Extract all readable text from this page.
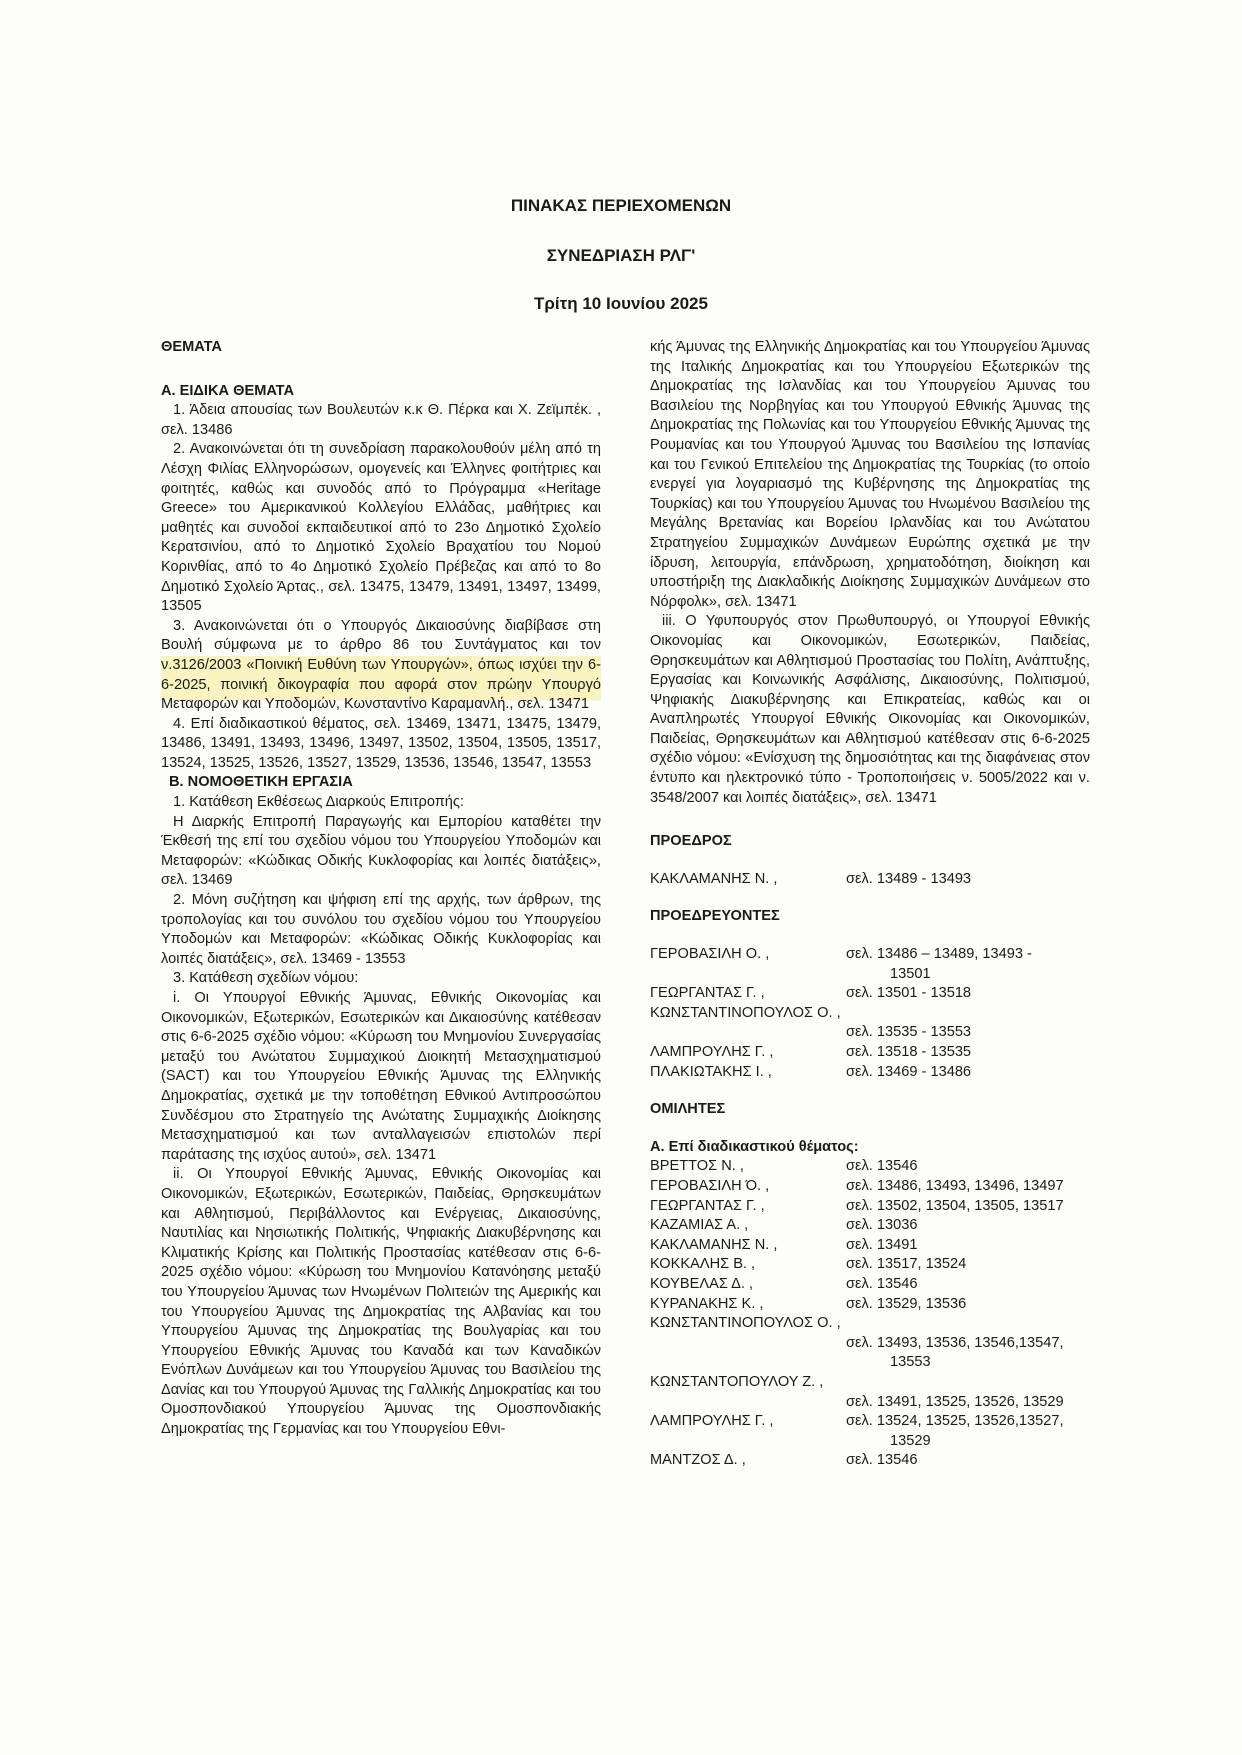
ΠΙΝΑΚΑΣ ΠΕΡΙΕΧΟΜΕΝΩΝ

ΣΥΝΕΔΡΙΑΣΗ ΡΛΓ'

Τρίτη 10 Ιουνίου 2025

ΘΕΜΑΤΑ

Α. ΕΙΔΙΚΑ ΘΕΜΑΤΑ

1. Άδεια απουσίας των Βουλευτών κ.κ Θ. Πέρκα και Χ. Ζεϊμπέκ. , σελ. 13486

2. Ανακοινώνεται ότι τη συνεδρίαση παρακολουθούν μέλη από τη Λέσχη Φιλίας Ελληνορώσων, ομογενείς και Έλληνες φοιτήτριες και φοιτητές, καθώς και συνοδός από το Πρόγραμμα «Heritage Greece» του Αμερικανικού Κολλεγίου Ελλάδας, μαθήτριες και μαθητές και συνοδοί εκπαιδευτικοί από το 23ο Δημοτικό Σχολείο Κερατσινίου, από το Δημοτικό Σχολείο Βραχατίου του Νομού Κορινθίας, από το 4ο Δημοτικό Σχολείο Πρέβεζας και από το 8ο Δημοτικό Σχολείο Άρτας., σελ. 13475, 13479, 13491, 13497, 13499, 13505

3. Ανακοινώνεται ότι ο Υπουργός Δικαιοσύνης διαβίβασε στη Βουλή σύμφωνα με το άρθρο 86 του Συντάγματος και τον ν.3126/2003 «Ποινική Ευθύνη των Υπουργών», όπως ισχύει την 6-6-2025, ποινική δικογραφία που αφορά στον πρώην Υπουργό Μεταφορών και Υποδομών, Κωνσταντίνο Καραμανλή., σελ. 13471

4. Επί διαδικαστικού θέματος, σελ. 13469, 13471, 13475, 13479, 13486, 13491, 13493, 13496, 13497, 13502, 13504, 13505, 13517, 13524, 13525, 13526, 13527, 13529, 13536, 13546, 13547, 13553

Β. ΝΟΜΟΘΕΤΙΚΗ ΕΡΓΑΣΙΑ

1. Κατάθεση Εκθέσεως Διαρκούς Επιτροπής:

Η Διαρκής Επιτροπή Παραγωγής και Εμπορίου καταθέτει την Έκθεσή της επί του σχεδίου νόμου του Υπουργείου Υποδομών και Μεταφορών: «Κώδικας Οδικής Κυκλοφορίας και λοιπές διατάξεις», σελ. 13469

2. Μόνη συζήτηση και ψήφιση επί της αρχής, των άρθρων, της τροπολογίας και του συνόλου του σχεδίου νόμου του Υπουργείου Υποδομών και Μεταφορών: «Κώδικας Οδικής Κυκλοφορίας και λοιπές διατάξεις», σελ. 13469 - 13553

3. Κατάθεση σχεδίων νόμου:

i. Οι Υπουργοί Εθνικής Άμυνας, Εθνικής Οικονομίας και Οικονομικών, Εξωτερικών, Εσωτερικών και Δικαιοσύνης κατέθεσαν στις 6-6-2025 σχέδιο νόμου: «Κύρωση του Μνημονίου Συνεργασίας μεταξύ του Ανώτατου Συμμαχικού Διοικητή Μετασχηματισμού (SACT) και του Υπουργείου Εθνικής Άμυνας της Ελληνικής Δημοκρατίας, σχετικά με την τοποθέτηση Εθνικού Αντιπροσώπου Συνδέσμου στο Στρατηγείο της Ανώτατης Συμμαχικής Διοίκησης Μετασχηματισμού και των ανταλλαγεισών επιστολών περί παράτασης της ισχύος αυτού», σελ. 13471

ii. Οι Υπουργοί Εθνικής Άμυνας, Εθνικής Οικονομίας και Οικονομικών, Εξωτερικών, Εσωτερικών, Παιδείας, Θρησκευμάτων και Αθλητισμού, Περιβάλλοντος και Ενέργειας, Δικαιοσύνης, Ναυτιλίας και Νησιωτικής Πολιτικής, Ψηφιακής Διακυβέρνησης και Κλιματικής Κρίσης και Πολιτικής Προστασίας κατέθεσαν στις 6-6-2025 σχέδιο νόμου: «Κύρωση του Μνημονίου Κατανόησης μεταξύ του Υπουργείου Άμυνας των Ηνωμένων Πολιτειών της Αμερικής και του Υπουργείου Άμυνας της Δημοκρατίας της Αλβανίας και του Υπουργείου Άμυνας της Δημοκρατίας της Βουλγαρίας και του Υπουργείου Εθνικής Άμυνας του Καναδά και των Καναδικών Ενόπλων Δυνάμεων και του Υπουργείου Άμυνας του Βασιλείου της Δανίας και του Υπουργού Άμυνας της Γαλλικής Δημοκρατίας και του Ομοσπονδιακού Υπουργείου Άμυνας της Ομοσπονδιακής Δημοκρατίας της Γερμανίας και του Υπουργείου Εθνι-

κής Άμυνας της Ελληνικής Δημοκρατίας και του Υπουργείου Άμυνας της Ιταλικής Δημοκρατίας και του Υπουργείου Εξωτερικών της Δημοκρατίας της Ισλανδίας και του Υπουργείου Άμυνας του Βασιλείου της Νορβηγίας και του Υπουργού Εθνικής Άμυνας της Δημοκρατίας της Πολωνίας και του Υπουργείου Εθνικής Άμυνας της Ρουμανίας και του Υπουργού Άμυνας του Βασιλείου της Ισπανίας και του Γενικού Επιτελείου της Δημοκρατίας της Τουρκίας (το οποίο ενεργεί για λογαριασμό της Κυβέρνησης της Δημοκρατίας της Τουρκίας) και του Υπουργείου Άμυνας του Ηνωμένου Βασιλείου της Μεγάλης Βρετανίας και Βορείου Ιρλανδίας και του Ανώτατου Στρατηγείου Συμμαχικών Δυνάμεων Ευρώπης σχετικά με την ίδρυση, λειτουργία, επάνδρωση, χρηματοδότηση, διοίκηση και υποστήριξη της Διακλαδικής Διοίκησης Συμμαχικών Δυνάμεων στο Νόρφολκ», σελ. 13471

iii. Ο Υφυπουργός στον Πρωθυπουργό, οι Υπουργοί Εθνικής Οικονομίας και Οικονομικών, Εσωτερικών, Παιδείας, Θρησκευμάτων και Αθλητισμού Προστασίας του Πολίτη, Ανάπτυξης, Εργασίας και Κοινωνικής Ασφάλισης, Δικαιοσύνης, Πολιτισμού, Ψηφιακής Διακυβέρνησης και Επικρατείας, καθώς και οι Αναπληρωτές Υπουργοί Εθνικής Οικονομίας και Οικονομικών, Παιδείας, Θρησκευμάτων και Αθλητισμού κατέθεσαν στις 6-6-2025 σχέδιο νόμου: «Ενίσχυση της δημοσιότητας και της διαφάνειας στον έντυπο και ηλεκτρονικό τύπο - Τροποποιήσεις ν. 5005/2022 και ν. 3548/2007 και λοιπές διατάξεις», σελ. 13471

ΠΡΟΕΔΡΟΣ

ΚΑΚΛΑΜΑΝΗΣ Ν. ,	σελ. 13489 - 13493

ΠΡΟΕΔΡΕΥΟΝΤΕΣ

ΓΕΡΟΒΑΣΙΛΗ Ο. ,	σελ. 13486 – 13489, 13493 -
13501
ΓΕΩΡΓΑΝΤΑΣ Γ. ,	σελ. 13501 - 13518

ΚΩΝΣΤΑΝΤΙΝΟΠΟΥΛΟΣ Ο. ,

σελ. 13535 - 13553

ΛΑΜΠΡΟΥΛΗΣ Γ. ,	σελ. 13518 - 13535
ΠΛΑΚΙΩΤΑΚΗΣ Ι. ,	σελ. 13469 - 13486

ΟΜΙΛΗΤΕΣ

Α. Επί διαδικαστικού θέματος:

ΒΡΕΤΤΟΣ Ν. ,	σελ. 13546
ΓΕΡΟΒΑΣΙΛΗ Ό. ,	σελ. 13486, 13493, 13496, 13497
ΓΕΩΡΓΑΝΤΑΣ Γ. ,	σελ. 13502, 13504, 13505, 13517
ΚΑΖΑΜΙΑΣ Α. ,	σελ. 13036
ΚΑΚΛΑΜΑΝΗΣ Ν. ,	σελ. 13491
ΚΟΚΚΑΛΗΣ Β. ,	σελ. 13517, 13524
ΚΟΥΒΕΛΑΣ Δ. ,	σελ. 13546
ΚΥΡΑΝΑΚΗΣ Κ. ,	σελ. 13529, 13536

ΚΩΝΣΤΑΝΤΙΝΟΠΟΥΛΟΣ Ο. ,

σελ. 13493, 13536, 13546,13547,
13553

ΚΩΝΣΤΑΝΤΟΠΟΥΛΟΥ Ζ. ,

σελ. 13491, 13525, 13526, 13529

ΛΑΜΠΡΟΥΛΗΣ Γ. ,	σελ. 13524, 13525, 13526,13527,
13529
ΜΑΝΤΖΟΣ Δ. ,	σελ. 13546
